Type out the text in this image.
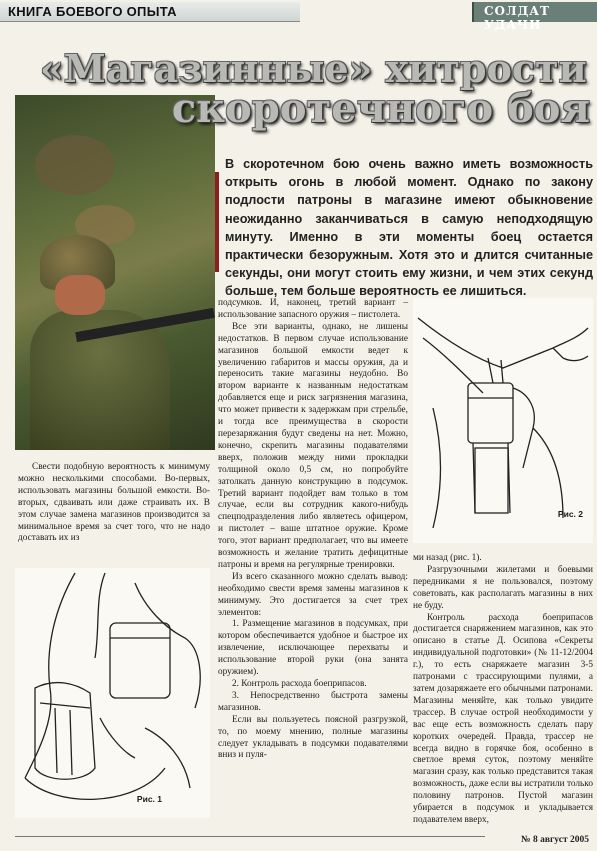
КНИГА БОЕВОГО ОПЫТА	СОЛДАТ УДАЧИ
«Магазинные» хитрости
скоротечного боя

В скоротечном бою очень важно иметь возможность открыть огонь в любой момент. Однако по закону подлости патроны в магазине имеют обыкновение неожиданно заканчиваться в самую неподходящую минуту. Именно в эти моменты боец остается практически безоружным. Хотя это и длится считанные секунды, они могут стоить ему жизни, и чем этих секунд больше, тем больше вероятность ее лишиться.

Свести подобную вероятность к минимуму можно несколькими способами. Во-первых, использовать магазины большой емкости. Во-вторых, сдваивать или даже страивать их. В этом случае замена магазинов производится за минимальное время за счет того, что не надо доставать их из

Рис. 1

подсумков. И, наконец, третий вариант – использование запасного оружия – пистолета.

Все эти варианты, однако, не лишены недостатков. В первом случае использование магазинов большой емкости ведет к увеличению габаритов и массы оружия, да и переносить такие магазины неудобно. Во втором варианте к названным недостаткам добавляется еще и риск загрязнения магазина, что может привести к задержкам при стрельбе, и тогда все преимущества в скорости перезаряжания будут сведены на нет. Можно, конечно, скрепить магазины подавателями вверх, положив между ними прокладки толщиной около 0,5 см, но попробуйте затолкать данную конструкцию в подсумок. Третий вариант подойдет вам только в том случае, если вы сотрудник какого-нибудь спецподразделения либо являетесь офицером, и пистолет – ваше штатное оружие. Кроме того, этот вариант предполагает, что вы имеете возможность и желание тратить дефицитные патроны и время на регулярные тренировки.

Из всего сказанного можно сделать вывод: необходимо свести время замены магазинов к минимуму. Это достигается за счет трех элементов:

1. Размещение магазинов в подсумках, при котором обеспечивается удобное и быстрое их извлечение, исключающее перехваты и использование второй руки (она занята оружием).

2. Контроль расхода боеприпасов.

3. Непосредственно быстрота замены магазинов.

Если вы пользуетесь поясной разгрузкой, то, по моему мнению, полные магазины следует укладывать в подсумки подавателями вниз и пуля-

Рис. 2

ми назад (рис. 1).

Разгрузочными жилетами и боевыми передниками я не пользовался, поэтому советовать, как располагать магазины в них не буду.

Контроль расхода боеприпасов достигается снаряжением магазинов, как это описано в статье Д. Осипова «Секреты индивидуальной подготовки» (№ 11-12/2004 г.), то есть снаряжаете магазин 3-5 патронами с трассирующими пулями, а затем дозаряжаете его обычными патронами. Магазины меняйте, как только увидите трассер. В случае острой необходимости у вас еще есть возможность сделать пару коротких очередей. Правда, трассер не всегда видно в горячке боя, особенно в светлое время суток, поэтому меняйте магазин сразу, как только представится такая возможность, даже если вы истратили только половину патронов. Пустой магазин убирается в подсумок и укладывается подавателем вверх,

№ 8 август 2005
